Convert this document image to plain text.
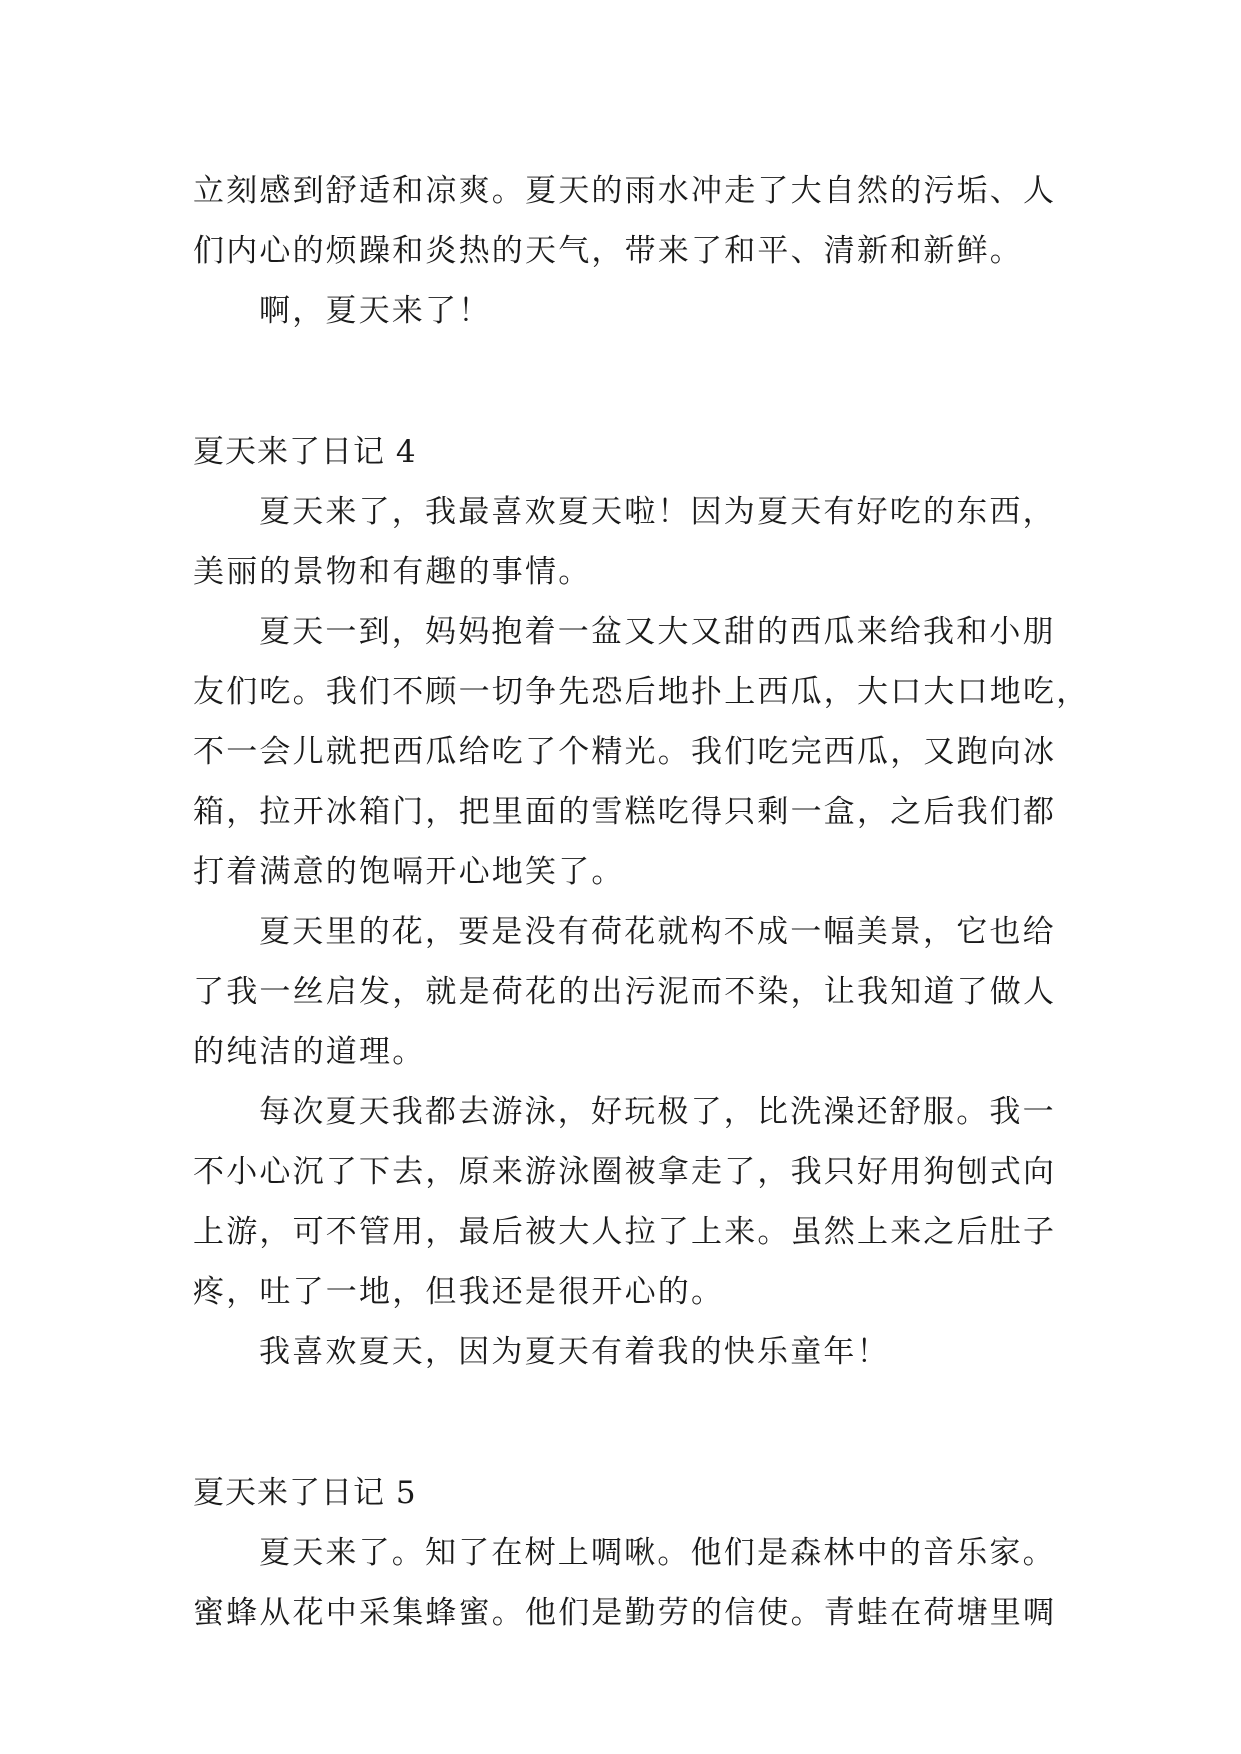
立刻感到舒适和凉爽。夏天的雨水冲走了大自然的污垢、人
们内心的烦躁和炎热的天气，带来了和平、清新和新鲜。
啊，夏天来了！
夏天来了日记 4
夏天来了，我最喜欢夏天啦！因为夏天有好吃的东西，
美丽的景物和有趣的事情。
夏天一到，妈妈抱着一盆又大又甜的西瓜来给我和小朋
友们吃。我们不顾一切争先恐后地扑上西瓜，大口大口地吃，
不一会儿就把西瓜给吃了个精光。我们吃完西瓜，又跑向冰
箱，拉开冰箱门，把里面的雪糕吃得只剩一盒，之后我们都
打着满意的饱嗝开心地笑了。
夏天里的花，要是没有荷花就构不成一幅美景，它也给
了我一丝启发，就是荷花的出污泥而不染，让我知道了做人
的纯洁的道理。
每次夏天我都去游泳，好玩极了，比洗澡还舒服。我一
不小心沉了下去，原来游泳圈被拿走了，我只好用狗刨式向
上游，可不管用，最后被大人拉了上来。虽然上来之后肚子
疼，吐了一地，但我还是很开心的。
我喜欢夏天，因为夏天有着我的快乐童年！
夏天来了日记 5
夏天来了。知了在树上啁啾。他们是森林中的音乐家。
蜜蜂从花中采集蜂蜜。他们是勤劳的信使。青蛙在荷塘里啁
